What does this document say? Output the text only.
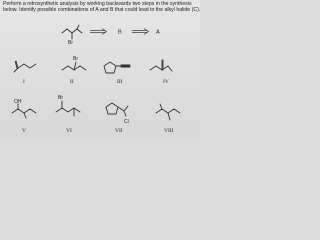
Perform a retrosynthetic analysis by working backwards two steps in the synthesis
below. Identify possible combinations of A and B that could lead to the alkyl halide (C).
Br
B	A
I
Br
II	III	IV
OH
V
Br
VI
Cl
VII	VIII
